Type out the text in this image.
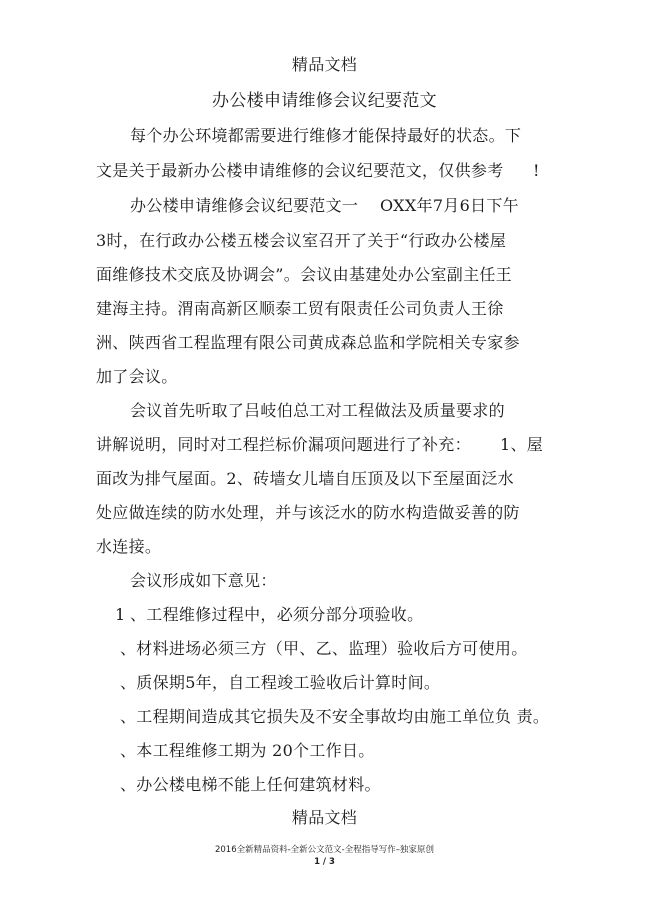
精品文档
办公楼申请维修会议纪要范文
每个办公环境都需要进行维修才能保持最好的状态。下
文是关于最新办公楼申请维修的会议纪要范文，仅供参考 !
办公楼申请维修会议纪要范文一 OXX年7月6日下午
3时，在行政办公楼五楼会议室召开了关于“行政办公楼屋
面维修技术交底及协调会”。会议由基建处办公室副主任王
建海主持。渭南高新区顺泰工贸有限责任公司负责人王徐
洲、陕西省工程监理有限公司黄成森总监和学院相关专家参
加了会议。
会议首先听取了吕岐伯总工对工程做法及质量要求的
讲解说明，同时对工程拦标价漏项问题进行了补充： 1、屋
面改为排气屋面。2、砖墙女儿墙自压顶及以下至屋面泛水
处应做连续的防水处理，并与该泛水的防水构造做妥善的防
水连接。
会议形成如下意见：
1 、工程维修过程中，必须分部分项验收。
、材料进场必须三方（甲、乙、监理）验收后方可使用。
、质保期5年，自工程竣工验收后计算时间。
、工程期间造成其它损失及不安全事故均由施工单位负 责。
、本工程维修工期为 20个工作日。
、办公楼电梯不能上任何建筑材料。
精品文档
2016全新精品资料-全新公文范文-全程指导写作–独家原创
1 / 3
